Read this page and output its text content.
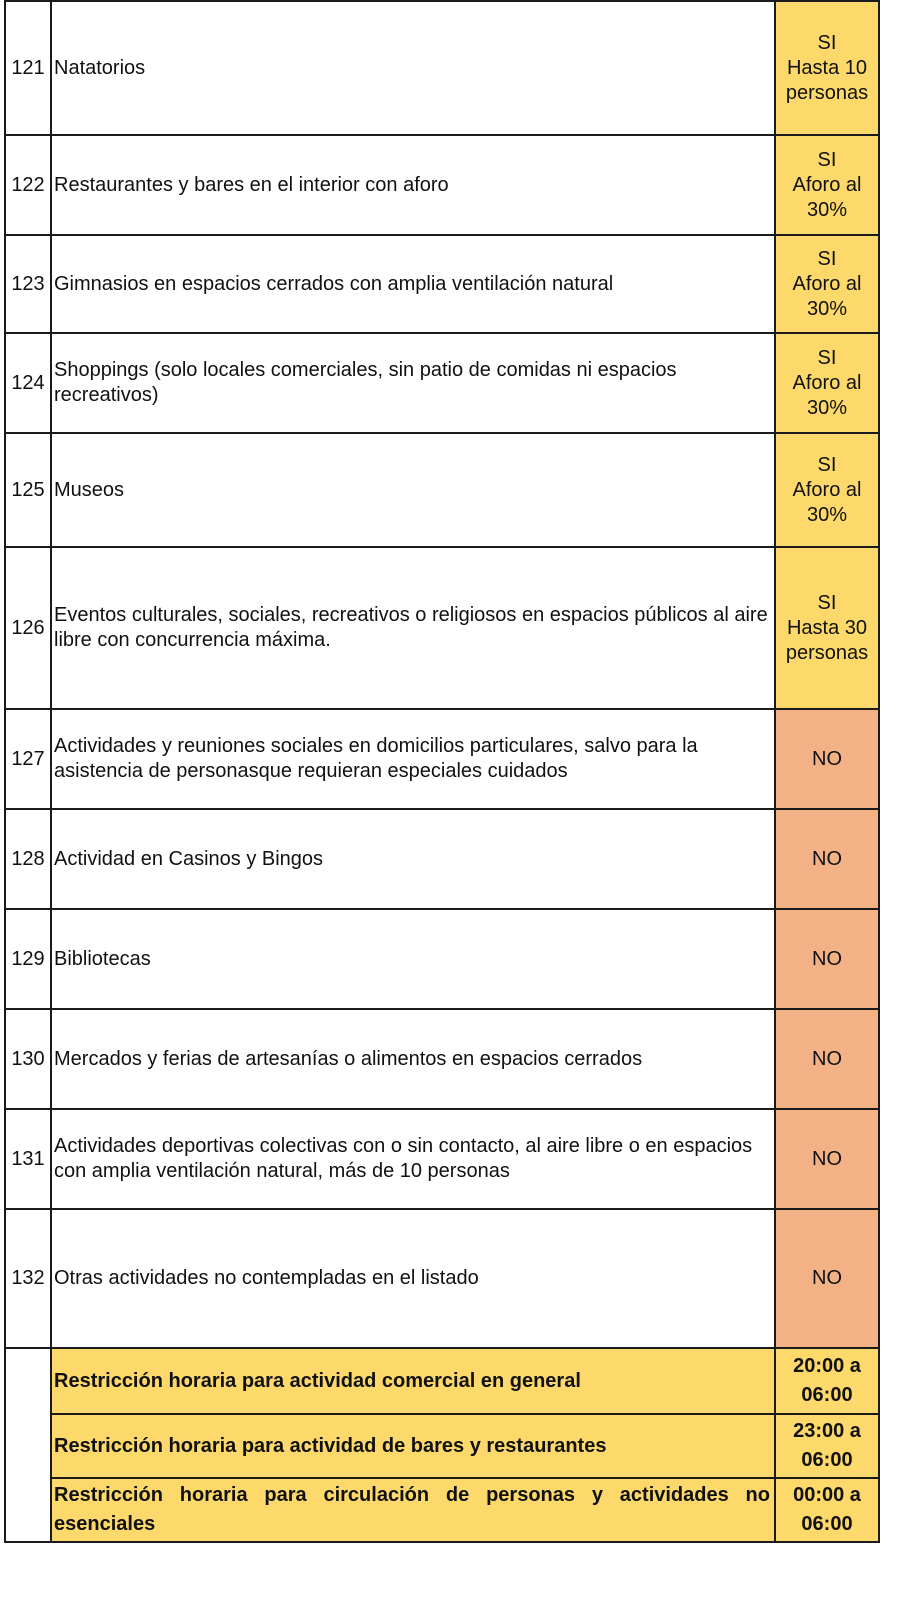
121	Natatorios	SI
Hasta 10
personas

122	Restaurantes y bares en el interior con aforo	SI
Aforo al
30%

123	Gimnasios en espacios cerrados con amplia ventilación natural	SI
Aforo al
30%

124	Shoppings (solo locales comerciales, sin patio de comidas ni espacios recreativos)	SI
Aforo al
30%

125	Museos	SI
Aforo al
30%

126	Eventos culturales, sociales, recreativos o religiosos en espacios públicos al aire libre con concurrencia máxima.	SI
Hasta 30
personas

127	Actividades y reuniones sociales en domicilios particulares, salvo para la asistencia de personasque requieran especiales cuidados	NO

128	Actividad en Casinos y Bingos	NO

129	Bibliotecas	NO

130	Mercados y ferias de artesanías o alimentos en espacios cerrados	NO

131	Actividades deportivas colectivas con o sin contacto, al aire libre o en espacios con amplia ventilación natural, más de 10 personas	NO

132	Otras actividades no contempladas en el listado	NO

	Restricción horaria para actividad comercial en general	20:00 a
06:00

	Restricción horaria para actividad de bares y restaurantes	23:00 a
06:00

	Restricción horaria para circulación de personas y actividades no esenciales	00:00 a
06:00
